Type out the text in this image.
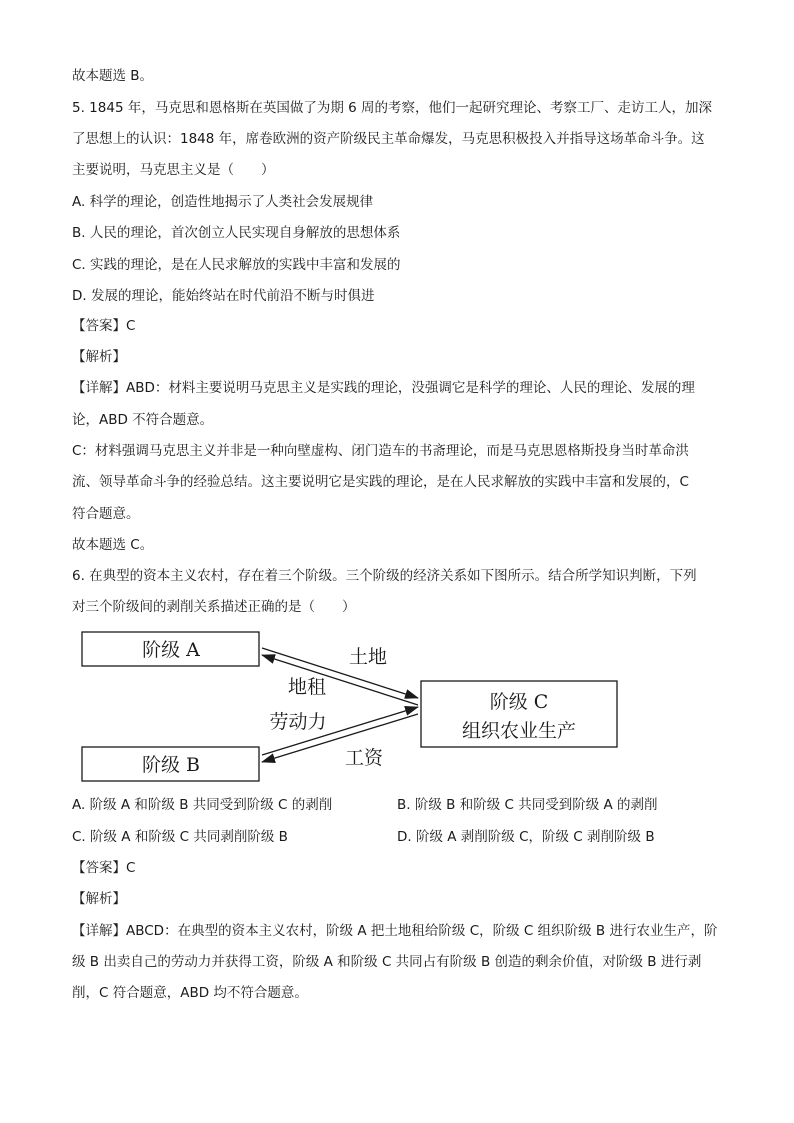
故本题选 B。
5. 1845 年，马克思和恩格斯在英国做了为期 6 周的考察，他们一起研究理论、考察工厂、走访工人，加深
了思想上的认识：1848 年，席卷欧洲的资产阶级民主革命爆发，马克思积极投入并指导这场革命斗争。这
主要说明，马克思主义是（　　）
A. 科学的理论，创造性地揭示了人类社会发展规律
B. 人民的理论，首次创立人民实现自身解放的思想体系
C. 实践的理论，是在人民求解放的实践中丰富和发展的
D. 发展的理论，能始终站在时代前沿不断与时俱进
【答案】C
【解析】
【详解】ABD：材料主要说明马克思主义是实践的理论，没强调它是科学的理论、人民的理论、发展的理
论，ABD 不符合题意。
C：材料强调马克思主义并非是一种向壁虚构、闭门造车的书斋理论，而是马克思恩格斯投身当时革命洪
流、领导革命斗争的经验总结。这主要说明它是实践的理论，是在人民求解放的实践中丰富和发展的，C
符合题意。
故本题选 C。
6. 在典型的资本主义农村，存在着三个阶级。三个阶级的经济关系如下图所示。结合所学知识判断，下列
对三个阶级间的剥削关系描述正确的是（　　）
阶级 A
阶级 B
阶级 C
组织农业生产
土地
地租
劳动力
工资
A. 阶级 A 和阶级 B 共同受到阶级 C 的剥削	B. 阶级 B 和阶级 C 共同受到阶级 A 的剥削
C. 阶级 A 和阶级 C 共同剥削阶级 B	D. 阶级 A 剥削阶级 C，阶级 C 剥削阶级 B
【答案】C
【解析】
【详解】ABCD：在典型的资本主义农村，阶级 A 把土地租给阶级 C，阶级 C 组织阶级 B 进行农业生产，阶
级 B 出卖自己的劳动力并获得工资，阶级 A 和阶级 C 共同占有阶级 B 创造的剩余价值，对阶级 B 进行剥
削，C 符合题意，ABD 均不符合题意。
